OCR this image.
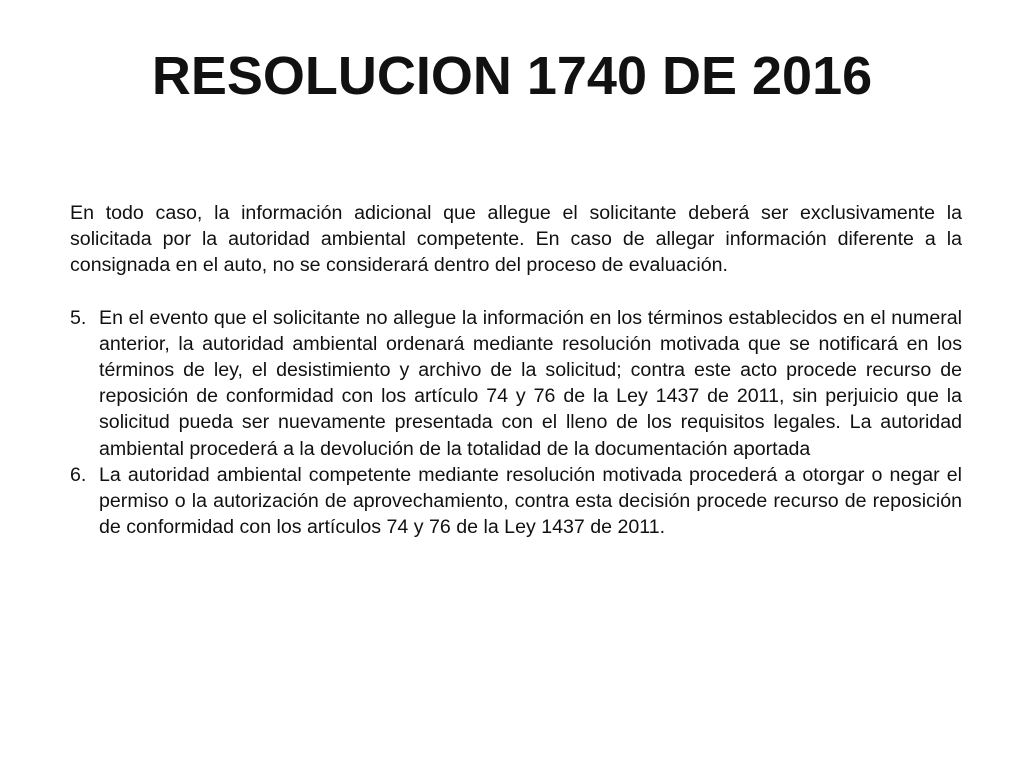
RESOLUCION 1740 DE 2016

En todo caso, la información adicional que allegue el solicitante deberá ser exclusivamente la solicitada por la autoridad ambiental competente. En caso de allegar información diferente a la consignada en el auto, no se considerará dentro del proceso de evaluación.

5. En el evento que el solicitante no allegue la información en los términos establecidos en el numeral anterior, la autoridad ambiental ordenará mediante resolución motivada que se notificará en los términos de ley, el desistimiento y archivo de la solicitud; contra este acto procede recurso de reposición de conformidad con los artículo 74 y 76 de la Ley 1437 de 2011, sin perjuicio que la solicitud pueda ser nuevamente presentada con el lleno de los requisitos legales. La autoridad ambiental procederá a la devolución de la totalidad de la documentación aportada
6. La autoridad ambiental competente mediante resolución motivada procederá a otorgar o negar el permiso o la autorización de aprovechamiento, contra esta decisión procede recurso de reposición de conformidad con los artículos 74 y 76 de la Ley 1437 de 2011.
